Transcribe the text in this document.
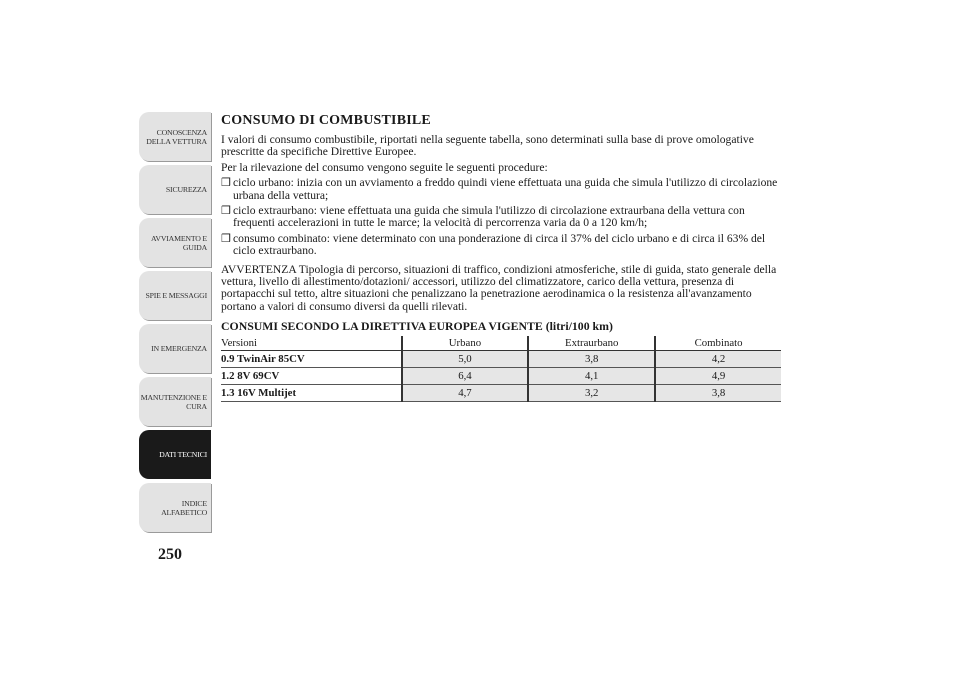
CONOSCENZA
DELLA VETTURA
SICUREZZA
AVVIAMENTO E
GUIDA
SPIE E MESSAGGI
IN EMERGENZA
MANUTENZIONE E
CURA
DATI TECNICI
INDICE
ALFABETICO
250
CONSUMO DI COMBUSTIBILE

I valori di consumo combustibile, riportati nella seguente tabella, sono determinati sulla base di prove omologative prescritte da specifiche Direttive Europee.

Per la rilevazione del consumo vengono seguite le seguenti procedure:

❒ ciclo urbano: inizia con un avviamento a freddo quindi viene effettuata una guida che simula l'utilizzo di circolazione urbana della vettura;
❒ ciclo extraurbano: viene effettuata una guida che simula l'utilizzo di circolazione extraurbana della vettura con frequenti accelerazioni in tutte le marce; la velocità di percorrenza varia da 0 a 120 km/h;
❒ consumo combinato: viene determinato con una ponderazione di circa il 37% del ciclo urbano e di circa il 63% del ciclo extraurbano.

AVVERTENZA Tipologia di percorso, situazioni di traffico, condizioni atmosferiche, stile di guida, stato generale della vettura, livello di allestimento/dotazioni/ accessori, utilizzo del climatizzatore, carico della vettura, presenza di portapacchi sul tetto, altre situazioni che penalizzano la penetrazione aerodinamica o la resistenza all'avanzamento portano a valori di consumo diversi da quelli rilevati.

CONSUMI SECONDO LA DIRETTIVA EUROPEA VIGENTE (litri/100 km)
Versioni	Urbano	Extraurbano	Combinato
0.9 TwinAir 85CV	5,0	3,8	4,2
1.2 8V 69CV	6,4	4,1	4,9
1.3 16V Multijet	4,7	3,2	3,8
